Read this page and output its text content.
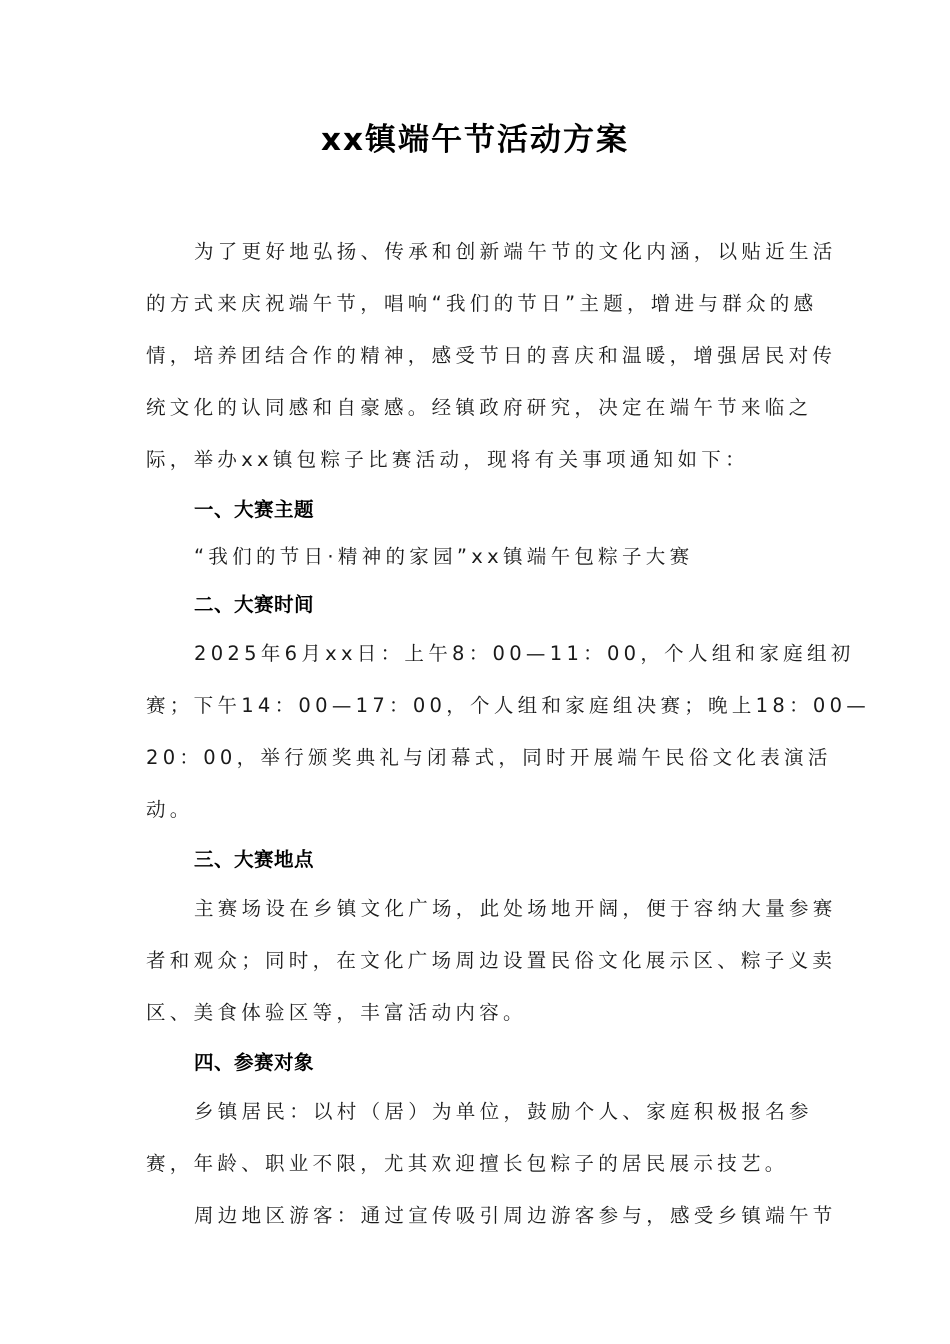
xx镇端午节活动方案
为了更好地弘扬、传承和创新端午节的文化内涵，以贴近生活
的方式来庆祝端午节，唱响“我们的节日”主题，增进与群众的感
情，培养团结合作的精神，感受节日的喜庆和温暖，增强居民对传
统文化的认同感和自豪感。经镇政府研究，决定在端午节来临之
际，举办xx镇包粽子比赛活动，现将有关事项通知如下：
一、大赛主题
“我们的节日·精神的家园”xx镇端午包粽子大赛
二、大赛时间
2025年6月xx日：上午8：00—11：00，个人组和家庭组初
赛；下午14：00—17：00，个人组和家庭组决赛；晚上18：00—
20：00，举行颁奖典礼与闭幕式，同时开展端午民俗文化表演活
动。
三、大赛地点
主赛场设在乡镇文化广场，此处场地开阔，便于容纳大量参赛
者和观众；同时，在文化广场周边设置民俗文化展示区、粽子义卖
区、美食体验区等，丰富活动内容。
四、参赛对象
乡镇居民：以村（居）为单位，鼓励个人、家庭积极报名参
赛，年龄、职业不限，尤其欢迎擅长包粽子的居民展示技艺。
周边地区游客：通过宣传吸引周边游客参与，感受乡镇端午节
